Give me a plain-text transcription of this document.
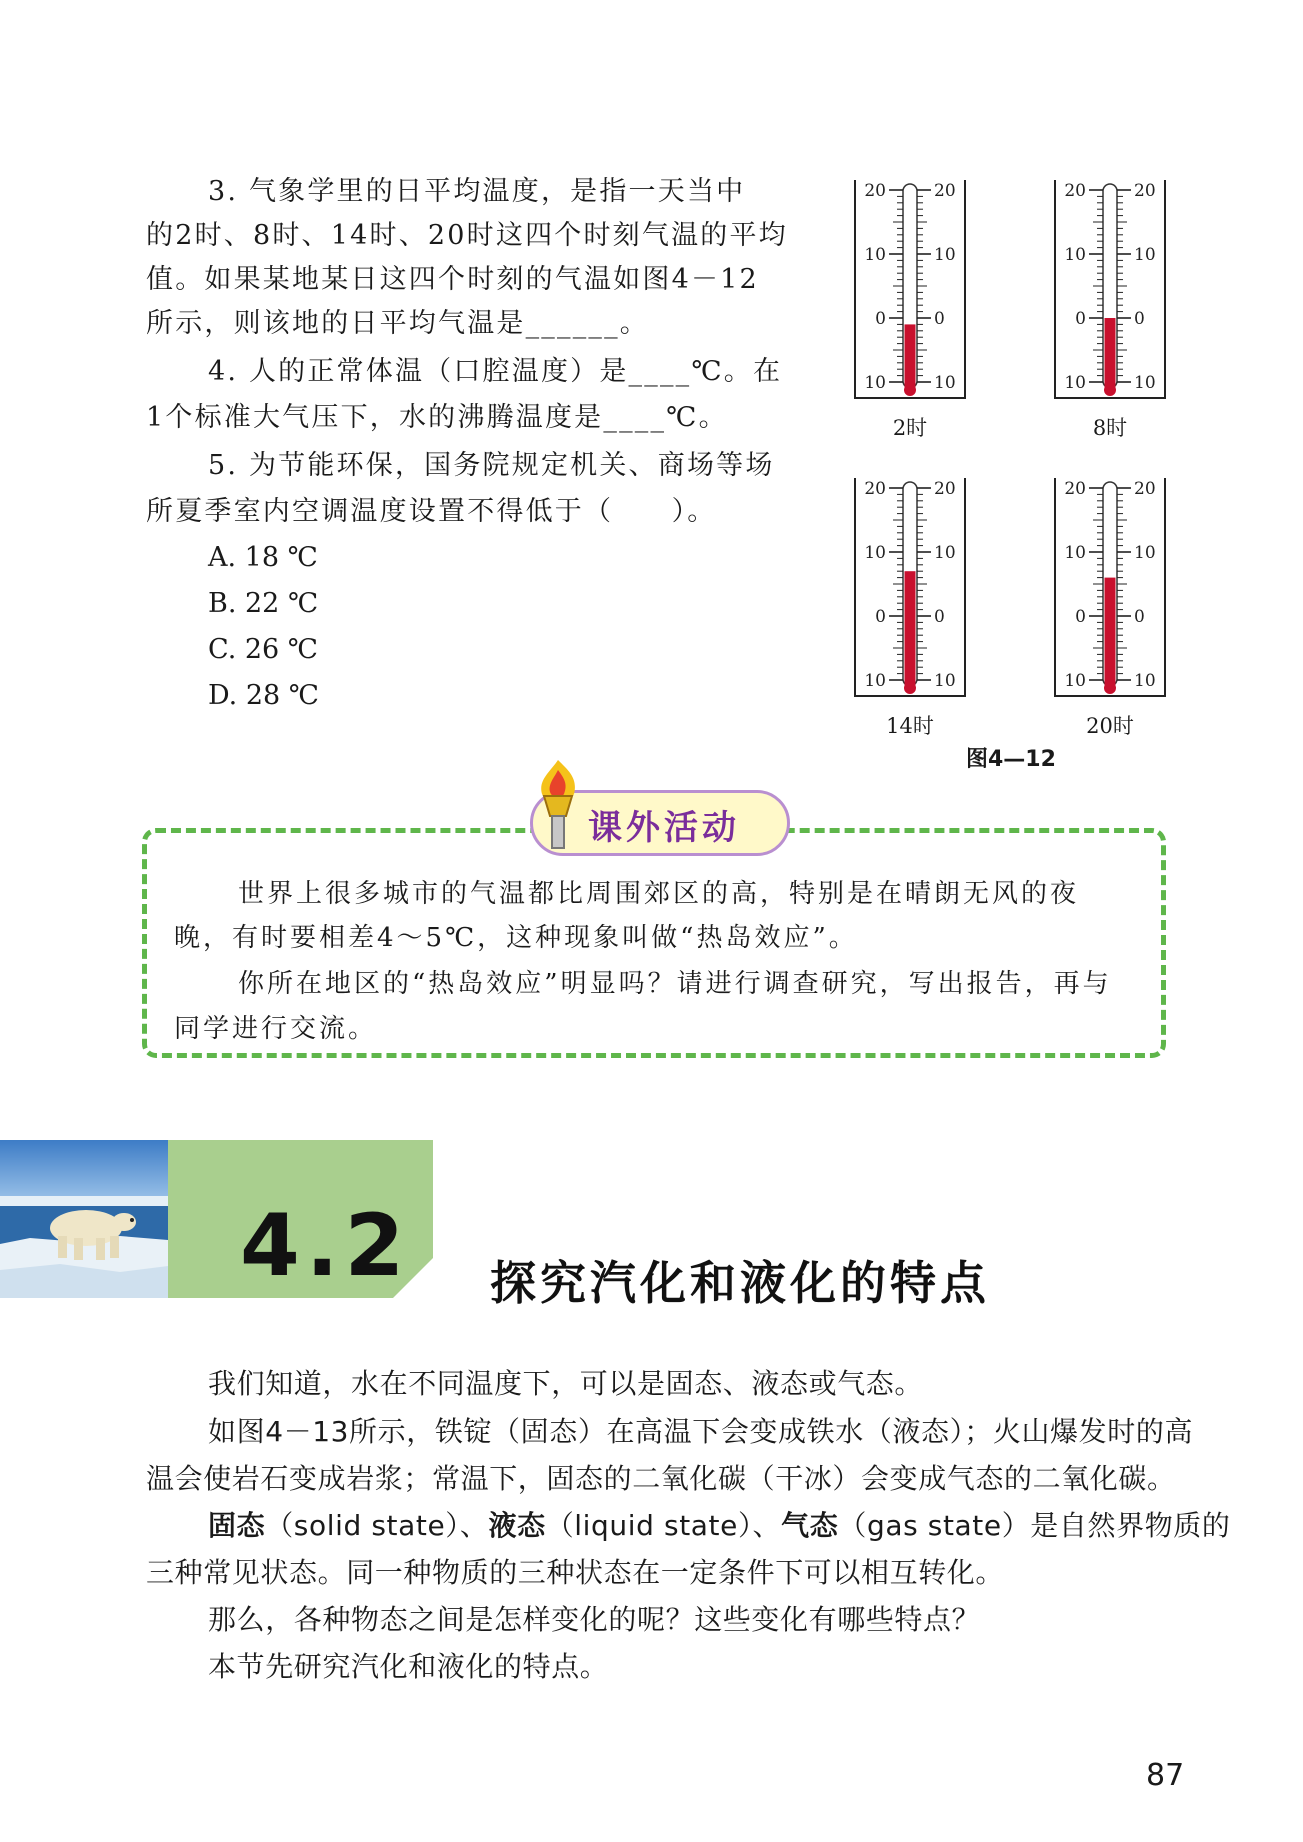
3. 气象学里的日平均温度，是指一天当中
的2时、8时、14时、20时这四个时刻气温的平均
值。如果某地某日这四个时刻的气温如图4－12
所示，则该地的日平均气温是______。
4. 人的正常体温（口腔温度）是____℃。在
1个标准大气压下，水的沸腾温度是____℃。
5. 为节能环保，国务院规定机关、商场等场
所夏季室内空调温度设置不得低于（　　）。
A. 18 ℃
B. 22 ℃
C. 26 ℃
D. 28 ℃
20	20
10	10
0	0
10	10
2时
20	20
10	10
0	0
10	10
8时
20	20
10	10
0	0
10	10
14时
20	20
10	10
0	0
10	10
20时
图4—12
课外活动
世界上很多城市的气温都比周围郊区的高，特别是在晴朗无风的夜
晚，有时要相差4～5℃，这种现象叫做“热岛效应”。
你所在地区的“热岛效应”明显吗？请进行调查研究，写出报告，再与
同学进行交流。
4.2 探究汽化和液化的特点
我们知道，水在不同温度下，可以是固态、液态或气态。
如图4－13所示，铁锭（固态）在高温下会变成铁水（液态）；火山爆发时的高
温会使岩石变成岩浆；常温下，固态的二氧化碳（干冰）会变成气态的二氧化碳。
固态（solid state）、液态（liquid state）、气态（gas state）是自然界物质的
三种常见状态。同一种物质的三种状态在一定条件下可以相互转化。
那么，各种物态之间是怎样变化的呢？这些变化有哪些特点？
本节先研究汽化和液化的特点。
87
